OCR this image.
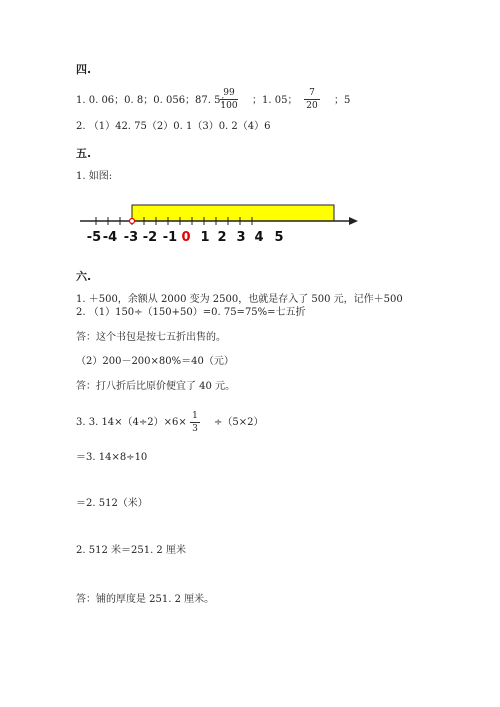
四.
1. 0. 06；0. 8；0. 056；87. 5；
99
100 ；1. 05；
7
20 ；5
2. （1）42. 75（2）0. 1（3）0. 2（4）6
五.
1. 如图:
-5 -4 -3 -2 -1 0 1 2 3 4 5
六.
1. ＋500，余额从 2000 变为 2500，也就是存入了 500 元，记作＋500
2. （1）150÷（150+50）=0. 75=75%=七五折
答：这个书包是按七五折出售的。
（2）200－200×80%＝40（元）
答：打八折后比原价便宜了 40 元。
3. 3. 14×（4÷2）×6×
1
3
÷（5×2）
＝3. 14×8÷10
＝2. 512（米）
2. 512 米＝251. 2 厘米
答：铺的厚度是 251. 2 厘米。
